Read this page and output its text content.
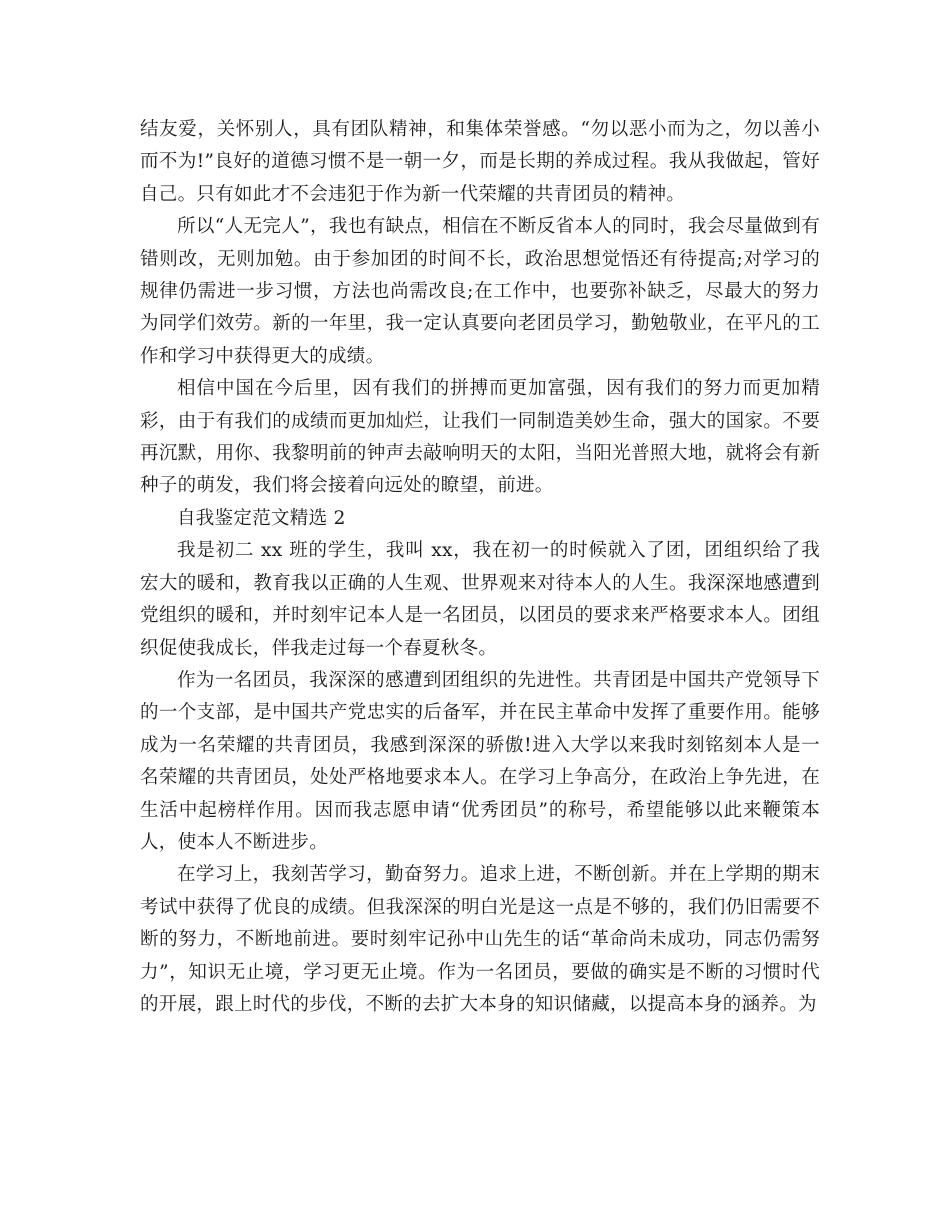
结友爱，关怀别人，具有团队精神，和集体荣誉感。“勿以恶小而为之，勿以善小而不为!”良好的道德习惯不是一朝一夕，而是长期的养成过程。我从我做起，管好自己。只有如此才不会违犯于作为新一代荣耀的共青团员的精神。

所以“人无完人”，我也有缺点，相信在不断反省本人的同时，我会尽量做到有错则改，无则加勉。由于参加团的时间不长，政治思想觉悟还有待提高;对学习的规律仍需进一步习惯，方法也尚需改良;在工作中，也要弥补缺乏，尽最大的努力为同学们效劳。新的一年里，我一定认真要向老团员学习，勤勉敬业，在平凡的工作和学习中获得更大的成绩。

相信中国在今后里，因有我们的拼搏而更加富强，因有我们的努力而更加精彩，由于有我们的成绩而更加灿烂，让我们一同制造美妙生命，强大的国家。不要再沉默，用你、我黎明前的钟声去敲响明天的太阳，当阳光普照大地，就将会有新种子的萌发，我们将会接着向远处的瞭望，前进。

自我鉴定范文精选 2

我是初二 xx 班的学生，我叫 xx，我在初一的时候就入了团，团组织给了我宏大的暖和，教育我以正确的人生观、世界观来对待本人的人生。我深深地感遭到党组织的暖和，并时刻牢记本人是一名团员，以团员的要求来严格要求本人。团组织促使我成长，伴我走过每一个春夏秋冬。

作为一名团员，我深深的感遭到团组织的先进性。共青团是中国共产党领导下的一个支部，是中国共产党忠实的后备军，并在民主革命中发挥了重要作用。能够成为一名荣耀的共青团员，我感到深深的骄傲!进入大学以来我时刻铭刻本人是一名荣耀的共青团员，处处严格地要求本人。在学习上争高分，在政治上争先进，在生活中起榜样作用。因而我志愿申请“优秀团员”的称号，希望能够以此来鞭策本人，使本人不断进步。

在学习上，我刻苦学习，勤奋努力。追求上进，不断创新。并在上学期的期末考试中获得了优良的成绩。但我深深的明白光是这一点是不够的，我们仍旧需要不断的努力，不断地前进。要时刻牢记孙中山先生的话“革命尚未成功，同志仍需努力”，知识无止境，学习更无止境。作为一名团员，要做的确实是不断的习惯时代的开展，跟上时代的步伐，不断的去扩大本身的知识储藏，以提高本身的涵养。为
